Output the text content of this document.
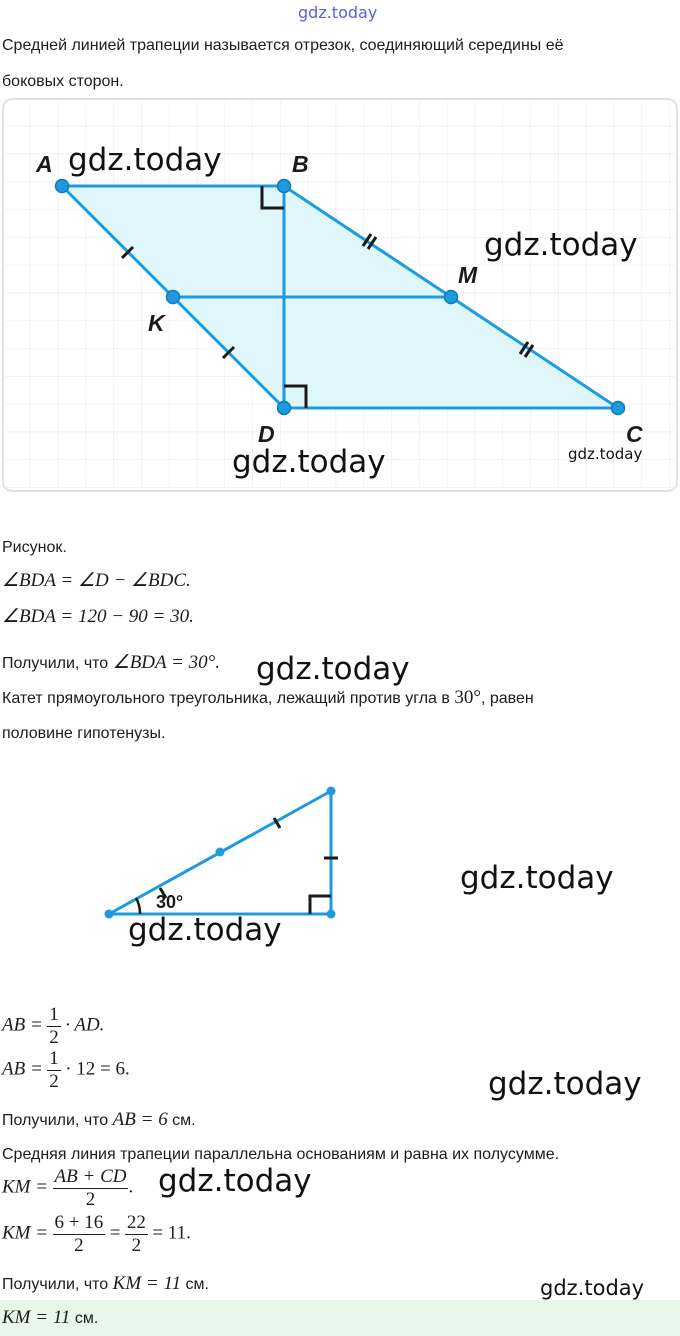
gdz.today
Средней линией трапеции называется отрезок, соединяющий середины её
боковых сторон.
A	B
M
K
D	C
gdz.today
gdz.today
gdz.today	gdz.today
Рисунок.
∠BDA = ∠D − ∠BDC.
∠BDA = 120 − 90 = 30.
Получили, что ∠BDA = 30°. gdz.today
Катет прямоугольного треугольника, лежащий против угла в 30°, равен
половине гипотенузы.
30°
gdz.today
gdz.today
AB = $\frac{1}{2}$ · AD.
AB = $\frac{1}{2} \cdot 12 = 6$.	gdz.today
Получили, что AB = 6 см.
Средняя линия трапеции параллельна основаниям и равна их полусумме.
KM = $\frac{AB + CD}{2}$ . gdz.today
KM = $\frac{6 + 16}{2} = \frac{22}{2} = 11$.
Получили, что KM = 11 см.	gdz.today
KM = 11 см.
